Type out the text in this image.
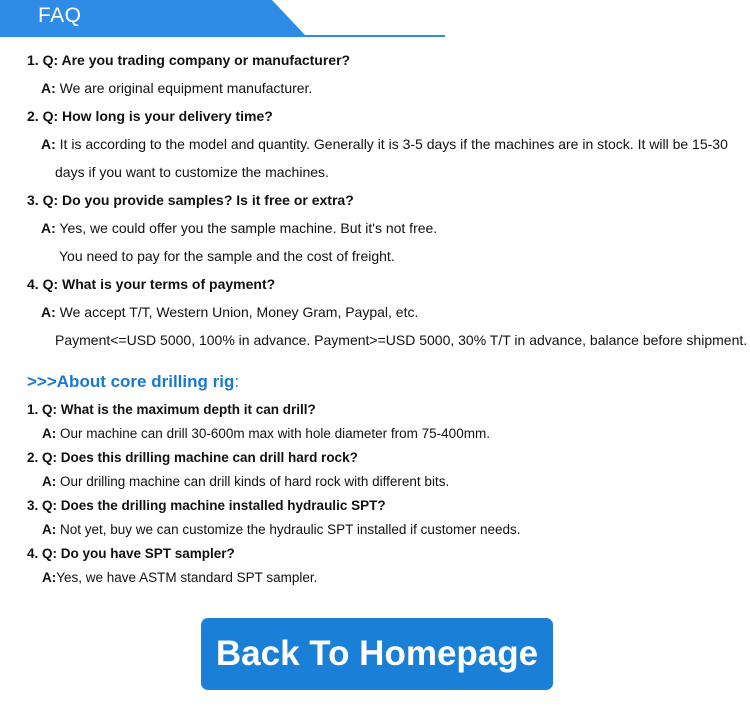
FAQ
1. Q: Are you trading company or manufacturer?
A: We are original equipment manufacturer.
2. Q: How long is your delivery time?
A: It is according to the model and quantity. Generally it is 3-5 days if the machines are in stock. It will be 15-30
days if you want to customize the machines.
3. Q: Do you provide samples? Is it free or extra?
A: Yes, we could offer you the sample machine. But it's not free.
You need to pay for the sample and the cost of freight.
4. Q: What is your terms of payment?
A: We accept T/T, Western Union, Money Gram, Paypal, etc.
Payment<=USD 5000, 100% in advance. Payment>=USD 5000, 30% T/T in advance, balance before shipment.
>>>About core drilling rig:
1. Q: What is the maximum depth it can drill?
A: Our machine can drill 30-600m max with hole diameter from 75-400mm.
2. Q: Does this drilling machine can drill hard rock?
A: Our drilling machine can drill kinds of hard rock with different bits.
3. Q: Does the drilling machine installed hydraulic SPT?
A: Not yet, buy we can customize the hydraulic SPT installed if customer needs.
4. Q: Do you have SPT sampler?
A:Yes, we have ASTM standard SPT sampler.
Back To Homepage
